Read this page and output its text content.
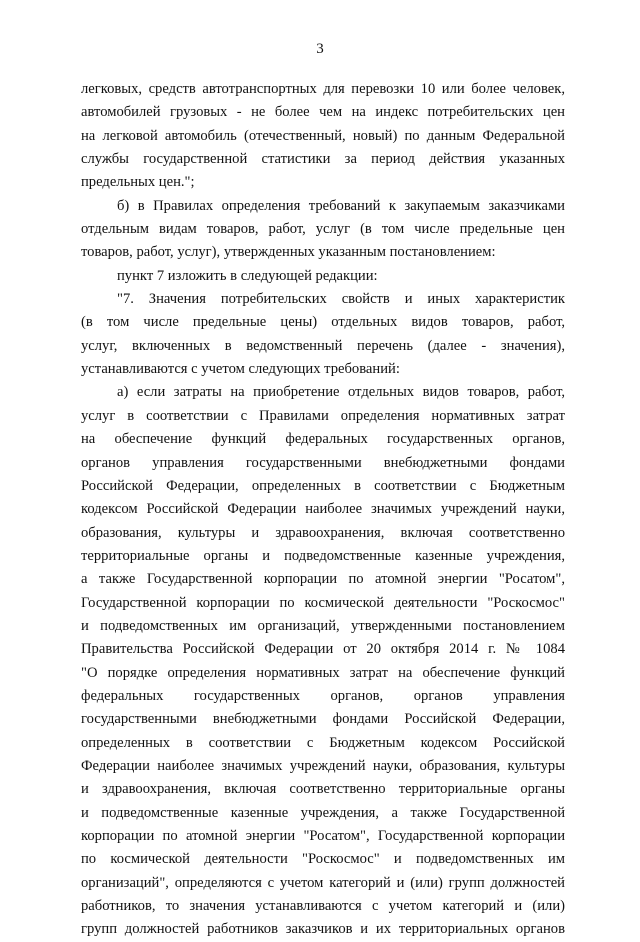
3
легковых, средств автотранспортных для перевозки 10 или более человек,
автомобилей грузовых - не более чем на индекс потребительских цен
на легковой автомобиль (отечественный, новый) по данным Федеральной
службы государственной статистики за период действия указанных
предельных цен.";
б) в Правилах определения требований к закупаемым заказчиками
отдельным видам товаров, работ, услуг (в том числе предельные цен
товаров, работ, услуг), утвержденных указанным постановлением:
пункт 7 изложить в следующей редакции:
"7. Значения потребительских свойств и иных характеристик
(в том числе предельные цены) отдельных видов товаров, работ,
услуг, включенных в ведомственный перечень (далее - значения),
устанавливаются с учетом следующих требований:
а) если затраты на приобретение отдельных видов товаров, работ,
услуг в соответствии с Правилами определения нормативных затрат
на обеспечение функций федеральных государственных органов,
органов управления государственными внебюджетными фондами
Российской Федерации, определенных в соответствии с Бюджетным
кодексом Российской Федерации наиболее значимых учреждений науки,
образования, культуры и здравоохранения, включая соответственно
территориальные органы и подведомственные казенные учреждения,
а также Государственной корпорации по атомной энергии "Росатом",
Государственной корпорации по космической деятельности "Роскосмос"
и подведомственных им организаций, утвержденными постановлением
Правительства Российской Федерации от 20 октября 2014 г. № 1084
"О порядке определения нормативных затрат на обеспечение функций
федеральных государственных органов, органов управления
государственными внебюджетными фондами Российской Федерации,
определенных в соответствии с Бюджетным кодексом Российской
Федерации наиболее значимых учреждений науки, образования, культуры
и здравоохранения, включая соответственно территориальные органы
и подведомственные казенные учреждения, а также Государственной
корпорации по атомной энергии "Росатом", Государственной корпорации
по космической деятельности "Роскосмос" и подведомственных им
организаций", определяются с учетом категорий и (или) групп должностей
работников, то значения устанавливаются с учетом категорий и (или)
групп должностей работников заказчиков и их территориальных органов
